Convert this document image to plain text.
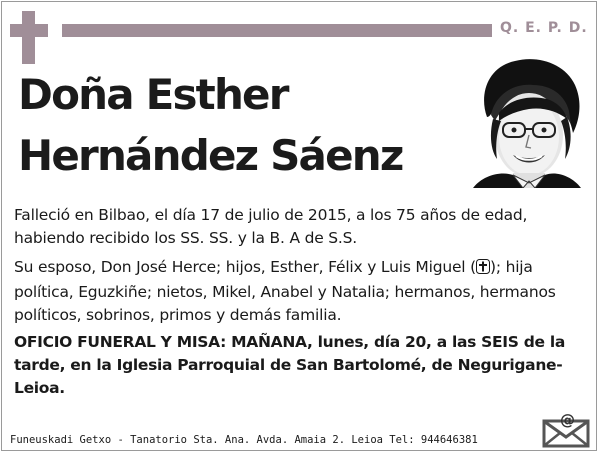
Q. E. P. D.
Doña Esther
Hernández Sáenz
Falleció en Bilbao, el día 17 de julio de 2015, a los 75 años de edad, habiendo recibido los SS. SS. y la B. A de S.S.
Su esposo, Don José Herce; hijos, Esther, Félix y Luis Miguel ( ); hija política, Eguzkiñe; nietos, Mikel, Anabel y Natalia; hermanos, hermanos políticos, sobrinos, primos y demás familia.
OFICIO FUNERAL Y MISA: MAÑANA, lunes, día 20, a las SEIS de la tarde, en la Iglesia Parroquial de San Bartolomé, de Negurigane-Leioa.
Funeuskadi Getxo - Tanatorio Sta. Ana. Avda. Amaia 2. Leioa Tel: 944646381
@
